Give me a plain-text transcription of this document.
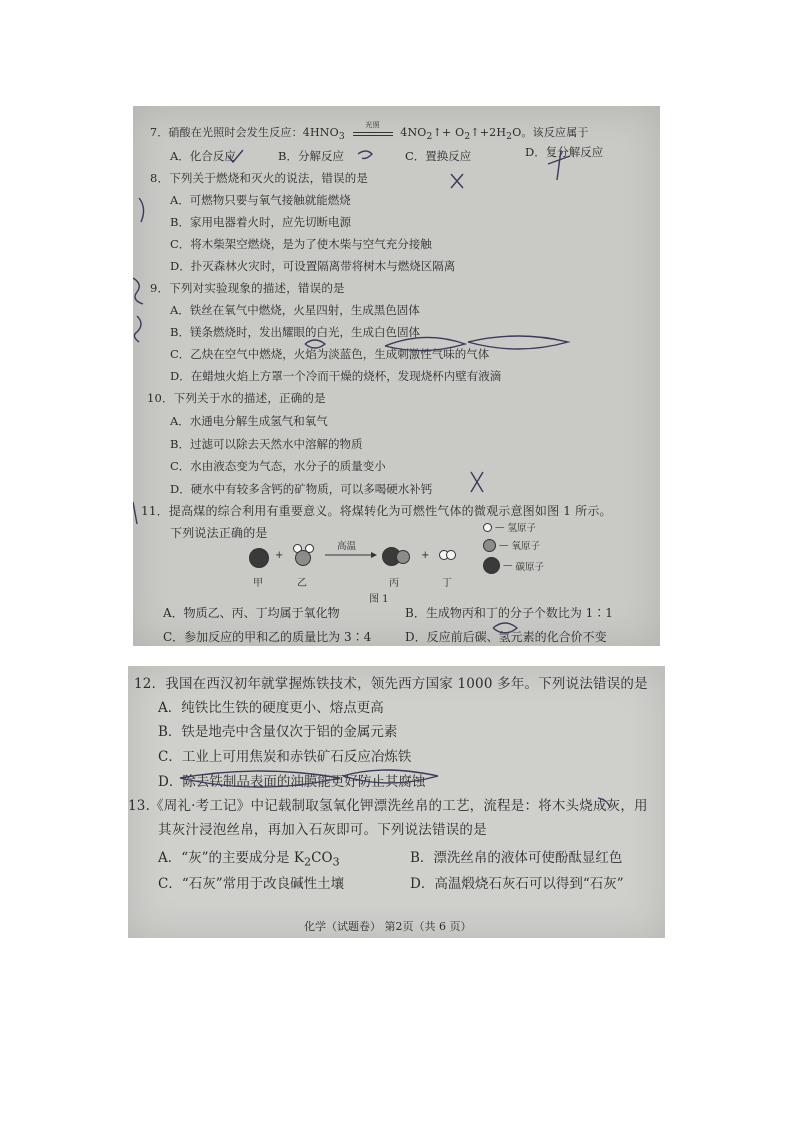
7．硝酸在光照时会发生反应：$4HNO_3$
光照
$4NO_2↑+$ $O_2↑+2H_2O$。该反应属于
A．化合反应	B．分解反应	C．置换反应	D．复分解反应
8．下列关于燃烧和灭火的说法，错误的是
A．可燃物只要与氧气接触就能燃烧
B．家用电器着火时，应先切断电源
C．将木柴架空燃烧，是为了使木柴与空气充分接触
D．扑灭森林火灾时，可设置隔离带将树木与燃烧区隔离
9．下列对实验现象的描述，错误的是
A．铁丝在氧气中燃烧，火星四射，生成黑色固体
B．镁条燃烧时，发出耀眼的白光，生成白色固体
C．乙炔在空气中燃烧，火焰为淡蓝色，生成刺激性气味的气体
D．在蜡烛火焰上方罩一个冷而干燥的烧杯，发现烧杯内壁有液滴
10．下列关于水的描述，正确的是
A．水通电分解生成氢气和氧气
B．过滤可以除去天然水中溶解的物质
C．水由液态变为气态，水分子的质量变小
D．硬水中有较多含钙的矿物质，可以多喝硬水补钙
11．提高煤的综合利用有重要意义。将煤转化为可燃性气体的微观示意图如图 1 所示。
下列说法正确的是
甲
+
乙
高温
丙
+
丁
图 1
— 氢原子
— 氧原子
— 碳原子
A．物质乙、丙、丁均属于氧化物	B．生成物丙和丁的分子个数比为 1∶1
C．参加反应的甲和乙的质量比为 3∶4	D．反应前后碳、氢元素的化合价不变
12．我国在西汉初年就掌握炼铁技术，领先西方国家 1000 多年。下列说法错误的是
A．纯铁比生铁的硬度更小、熔点更高
B．铁是地壳中含量仅次于铝的金属元素
C．工业上可用焦炭和赤铁矿石反应冶炼铁
D．除去铁制品表面的油膜能更好防止其腐蚀
13.《周礼·考工记》中记载制取氢氧化钾漂洗丝帛的工艺，流程是：将木头烧成灰，用
其灰汁浸泡丝帛，再加入石灰即可。下列说法错误的是
A．“灰”的主要成分是 $K_2CO_3$	B．漂洗丝帛的液体可使酚酞显红色
C．“石灰”常用于改良碱性土壤	D．高温煅烧石灰石可以得到“石灰”
化学（试题卷） 第2页（共 6 页）
